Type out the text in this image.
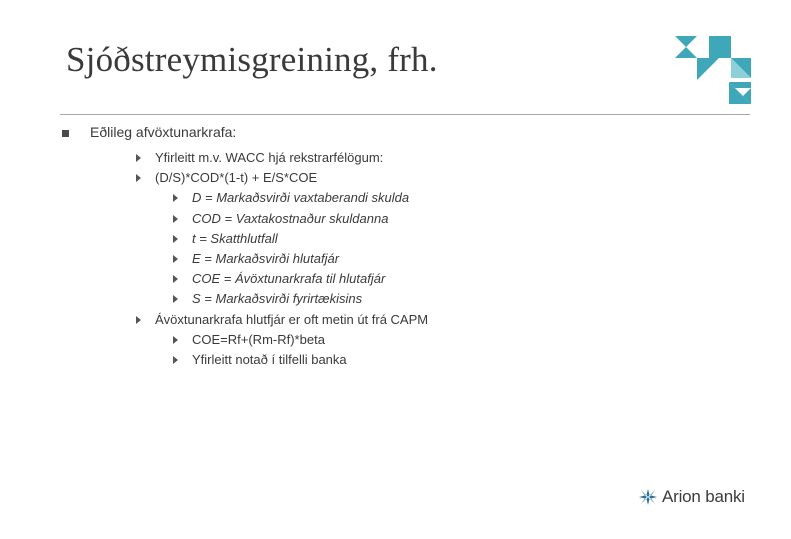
Sjóðstreymisgreining, frh.
Eðlileg afvöxtunarkrafa:
Yfirleitt m.v. WACC hjá rekstrarfélögum:
(D/S)*COD*(1-t) + E/S*COE
D = Markaðsvirði vaxtaberandi skulda
COD = Vaxtakostnaður skuldanna
t = Skatthlutfall
E = Markaðsvirði hlutafjár
COE = Ávöxtunarkrafa til hlutafjár
S = Markaðsvirði fyrirtækisins
Ávöxtunarkrafa hlutfjár er oft metin út frá CAPM
COE=Rf+(Rm-Rf)*beta
Yfirleitt notað í tilfelli banka
Arion banki
